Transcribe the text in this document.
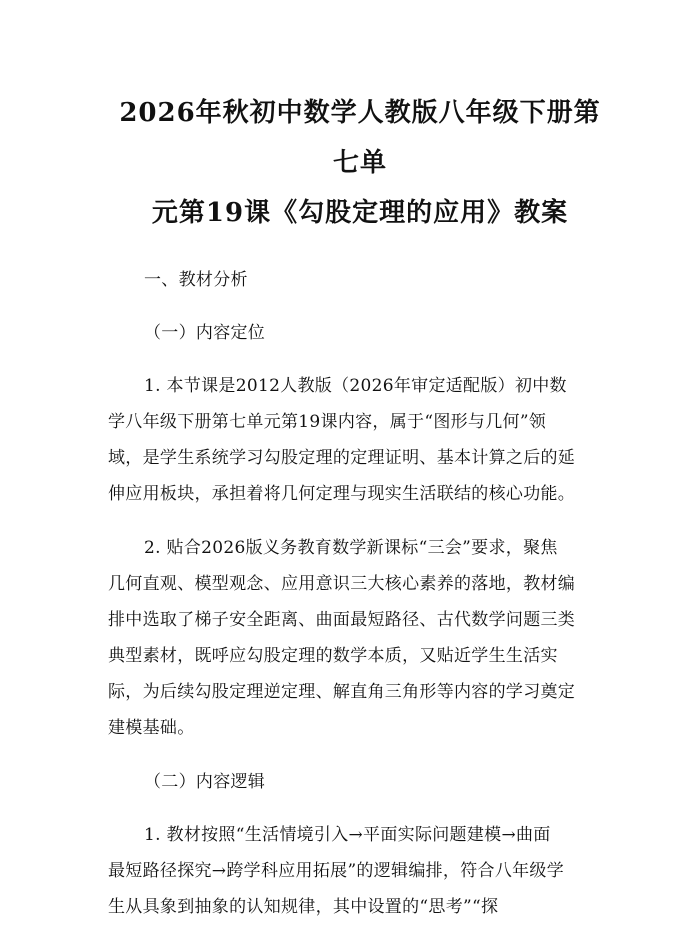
2026年秋初中数学人教版八年级下册第七单
元第19课《勾股定理的应用》教案

一、教材分析

（一）内容定位

1. 本节课是2012人教版（2026年审定适配版）初中数
学八年级下册第七单元第19课内容，属于“图形与几何”领
域，是学生系统学习勾股定理的定理证明、基本计算之后的延
伸应用板块，承担着将几何定理与现实生活联结的核心功能。

2. 贴合2026版义务教育数学新课标“三会”要求，聚焦
几何直观、模型观念、应用意识三大核心素养的落地，教材编
排中选取了梯子安全距离、曲面最短路径、古代数学问题三类
典型素材，既呼应勾股定理的数学本质，又贴近学生生活实
际，为后续勾股定理逆定理、解直角三角形等内容的学习奠定
建模基础。

（二）内容逻辑

1. 教材按照“生活情境引入→平面实际问题建模→曲面
最短路径探究→跨学科应用拓展”的逻辑编排，符合八年级学
生从具象到抽象的认知规律，其中设置的“思考”“探
